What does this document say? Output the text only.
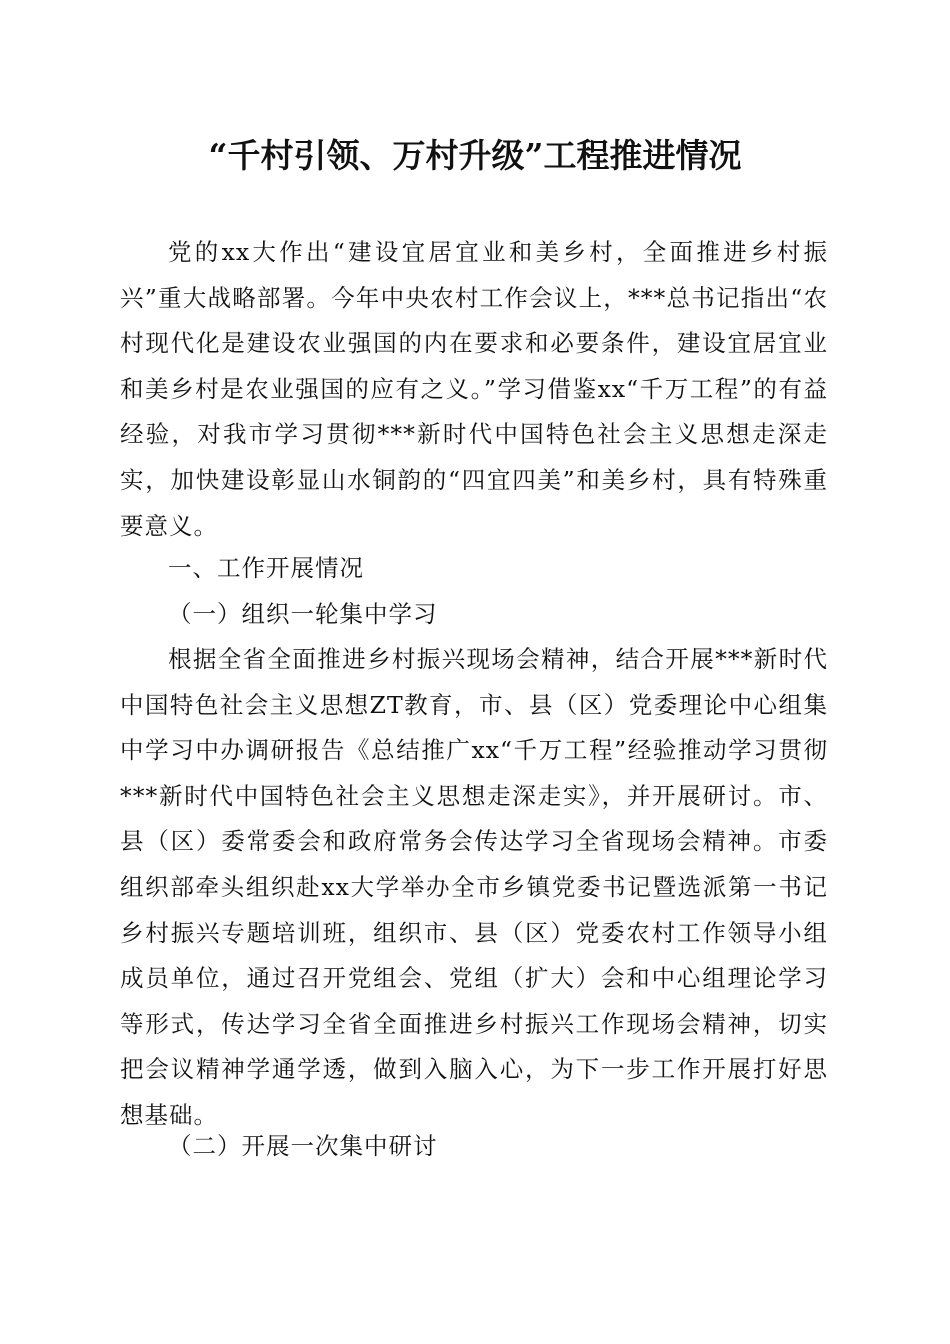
“千村引领、万村升级”工程推进情况
党的xx大作出“建设宜居宜业和美乡村，全面推进乡村振兴”重大战略部署。今年中央农村工作会议上，***总书记指出“农村现代化是建设农业强国的内在要求和必要条件，建设宜居宜业和美乡村是农业强国的应有之义。”学习借鉴xx“千万工程”的有益经验，对我市学习贯彻***新时代中国特色社会主义思想走深走实，加快建设彰显山水铜韵的“四宜四美”和美乡村，具有特殊重要意义。
一、工作开展情况
（一）组织一轮集中学习
根据全省全面推进乡村振兴现场会精神，结合开展***新时代中国特色社会主义思想ZT教育，市、县（区）党委理论中心组集中学习中办调研报告《总结推广xx“千万工程”经验推动学习贯彻***新时代中国特色社会主义思想走深走实》，并开展研讨。市、县（区）委常委会和政府常务会传达学习全省现场会精神。市委组织部牵头组织赴xx大学举办全市乡镇党委书记暨选派第一书记乡村振兴专题培训班，组织市、县（区）党委农村工作领导小组成员单位，通过召开党组会、党组（扩大）会和中心组理论学习等形式，传达学习全省全面推进乡村振兴工作现场会精神，切实把会议精神学通学透，做到入脑入心，为下一步工作开展打好思想基础。
（二）开展一次集中研讨
